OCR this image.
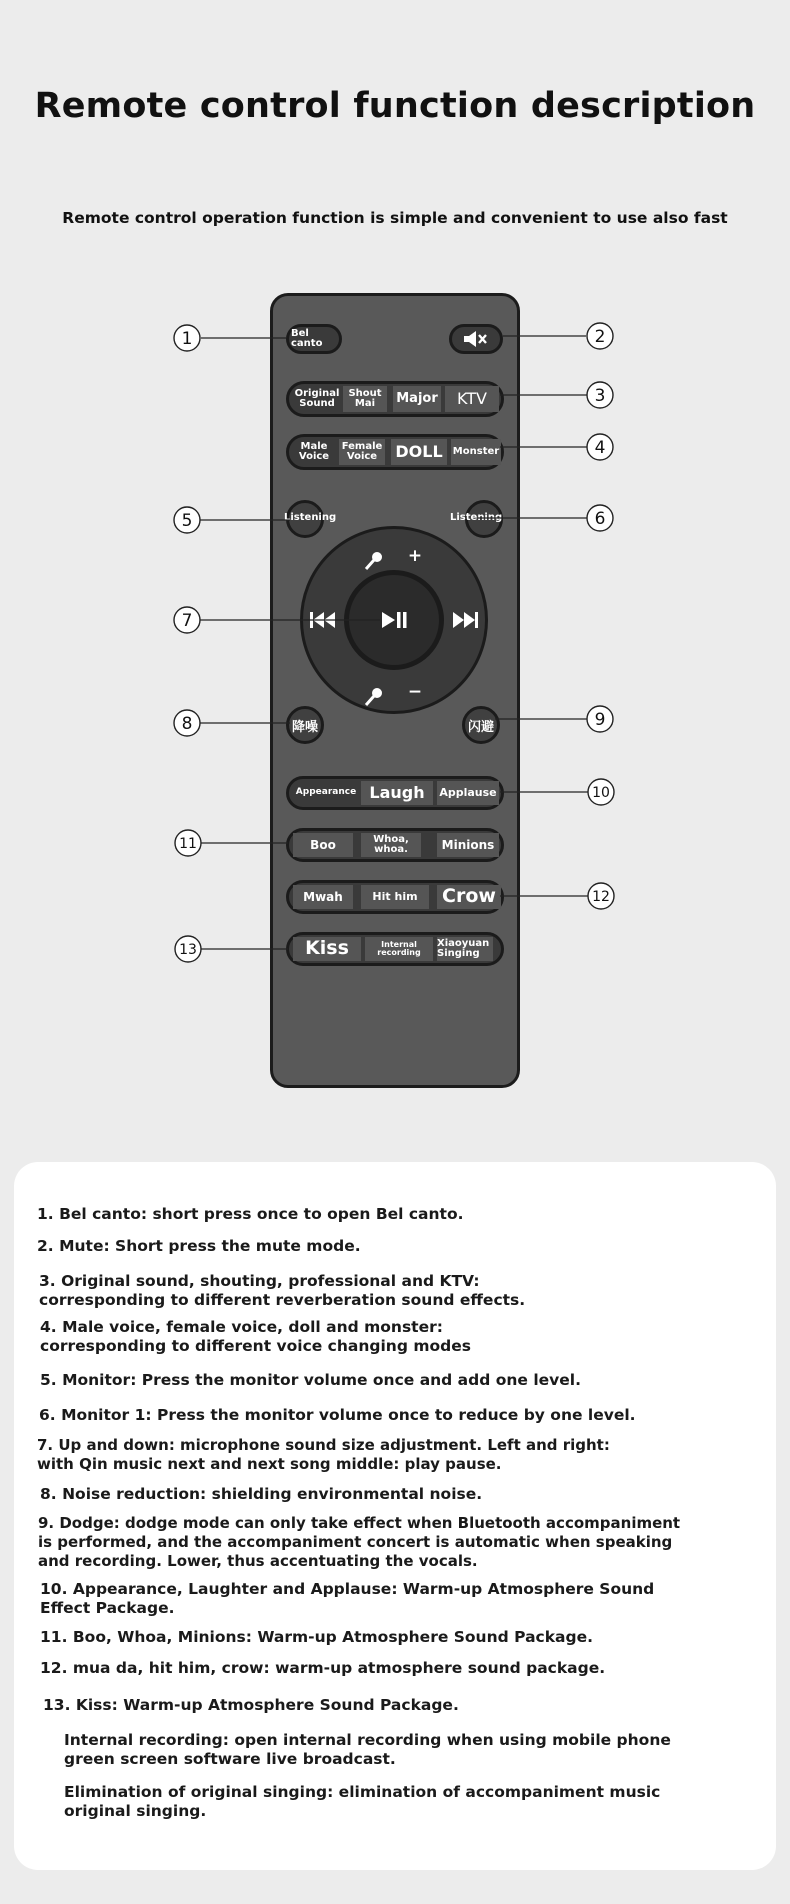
Remote control function description
Remote control operation function is simple and convenient to use also fast
Bel canto
Original Sound
Shout Mai	Major	KTV
Male Voice
Female Voice	DOLL	Monster
Listening	Listening
+
−
降噪	闪避
Appearance Laugh	Applause
Boo	Whoa, whoa.	Minions
Mwah	Hit him	Crow
Kiss	Internal recording
Xiaoyuan Singing
1	2
3
4
5	6
7
8	9
10
11
12
13
1. Bel canto: short press once to open Bel canto.
2. Mute: Short press the mute mode.
3. Original sound, shouting, professional and KTV:
corresponding to different reverberation sound effects.
4. Male voice, female voice, doll and monster:
corresponding to different voice changing modes
5. Monitor: Press the monitor volume once and add one level.
6. Monitor 1: Press the monitor volume once to reduce by one level.
7. Up and down: microphone sound size adjustment. Left and right:
with Qin music next and next song middle: play pause.
8. Noise reduction: shielding environmental noise.
9. Dodge: dodge mode can only take effect when Bluetooth accompaniment
is performed, and the accompaniment concert is automatic when speaking
and recording. Lower, thus accentuating the vocals.
10. Appearance, Laughter and Applause: Warm-up Atmosphere Sound
Effect Package.
11. Boo, Whoa, Minions: Warm-up Atmosphere Sound Package.
12. mua da, hit him, crow: warm-up atmosphere sound package.
13. Kiss: Warm-up Atmosphere Sound Package.
Internal recording: open internal recording when using mobile phone
green screen software live broadcast.
Elimination of original singing: elimination of accompaniment music
original singing.
